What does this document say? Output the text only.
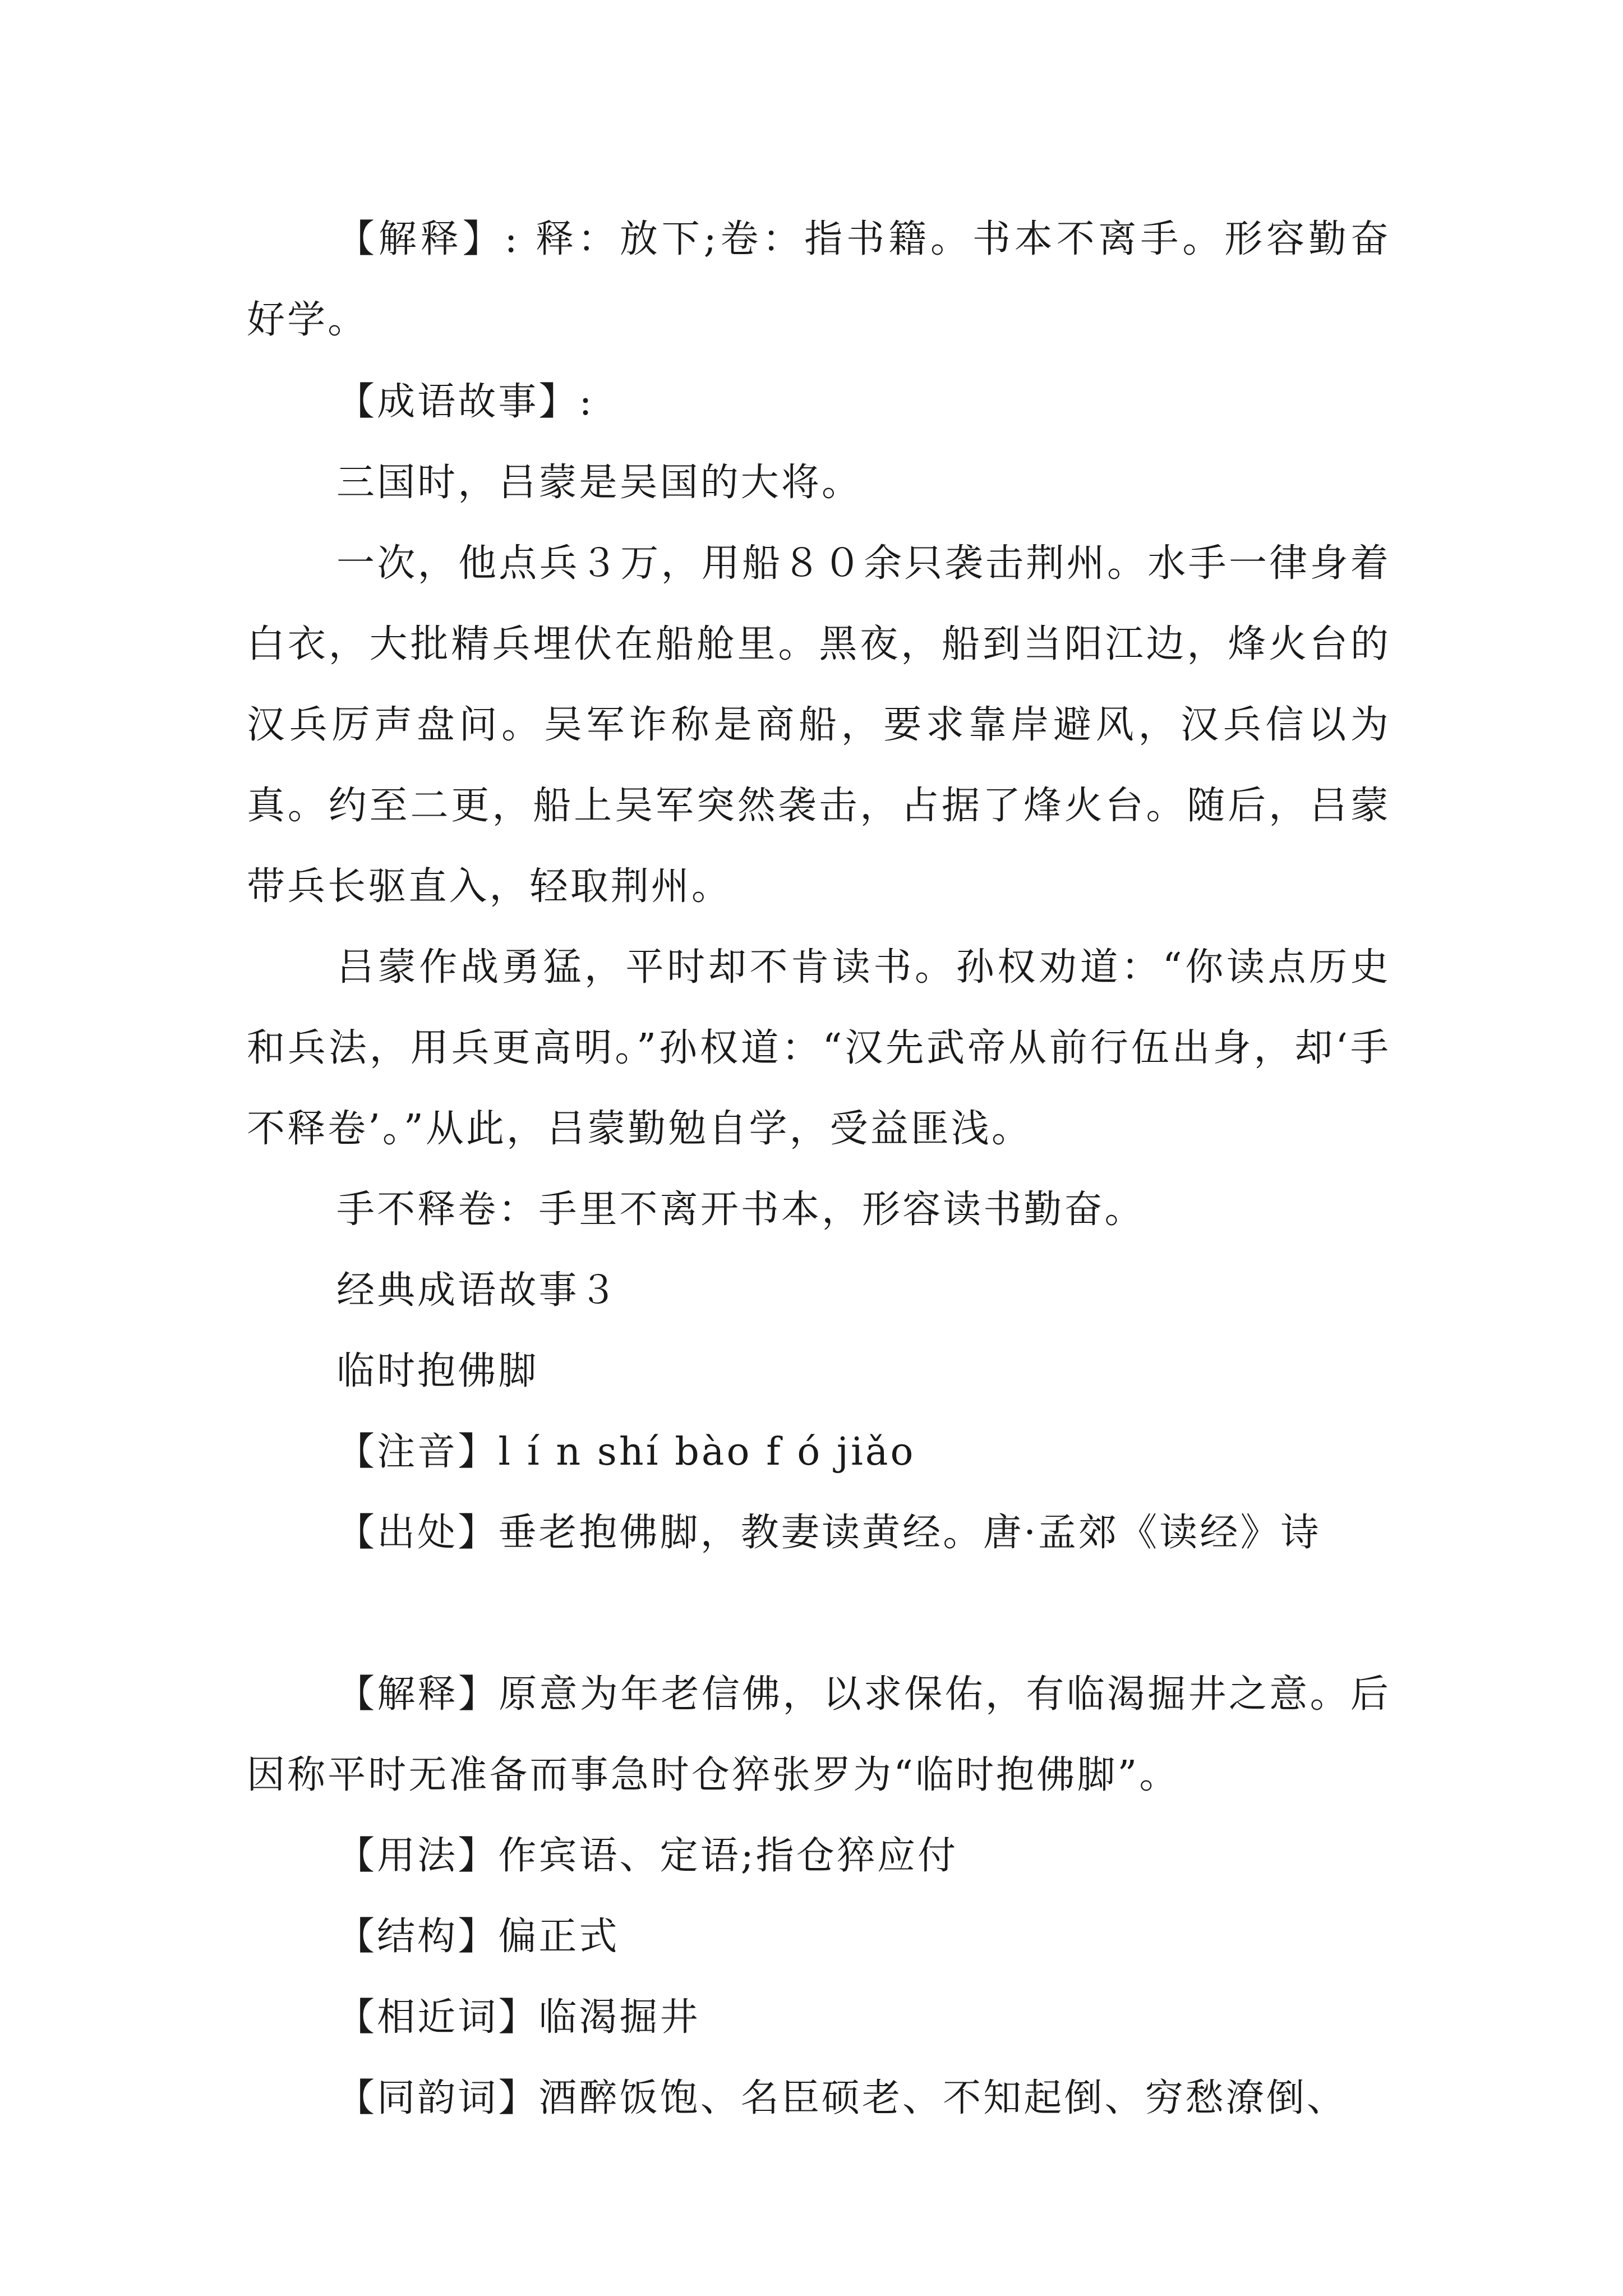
【解释】: 释：放下;卷：指书籍。书本不离手。形容勤奋好学。
【成语故事】:
三国时，吕蒙是吴国的大将。
一次，他点兵３万，用船８０余只袭击荆州。水手一律身着白衣，大批精兵埋伏在船舱里。黑夜，船到当阳江边，烽火台的汉兵厉声盘问。吴军诈称是商船，要求靠岸避风，汉兵信以为真。约至二更，船上吴军突然袭击，占据了烽火台。随后，吕蒙带兵长驱直入，轻取荆州。
吕蒙作战勇猛，平时却不肯读书。孙权劝道：“你读点历史和兵法，用兵更高明。”孙权道：“汉先武帝从前行伍出身，却‘手不释卷’。”从此，吕蒙勤勉自学，受益匪浅。
手不释卷：手里不离开书本，形容读书勤奋。
经典成语故事３
临时抱佛脚
【注音】l í n shí bào f ó jiǎo
【出处】垂老抱佛脚，教妻读黄经。唐·孟郊《读经》诗
【解释】原意为年老信佛，以求保佑，有临渴掘井之意。后因称平时无准备而事急时仓猝张罗为“临时抱佛脚”。
【用法】作宾语、定语;指仓猝应付
【结构】偏正式
【相近词】临渴掘井
【同韵词】酒醉饭饱、名臣硕老、不知起倒、穷愁潦倒、
